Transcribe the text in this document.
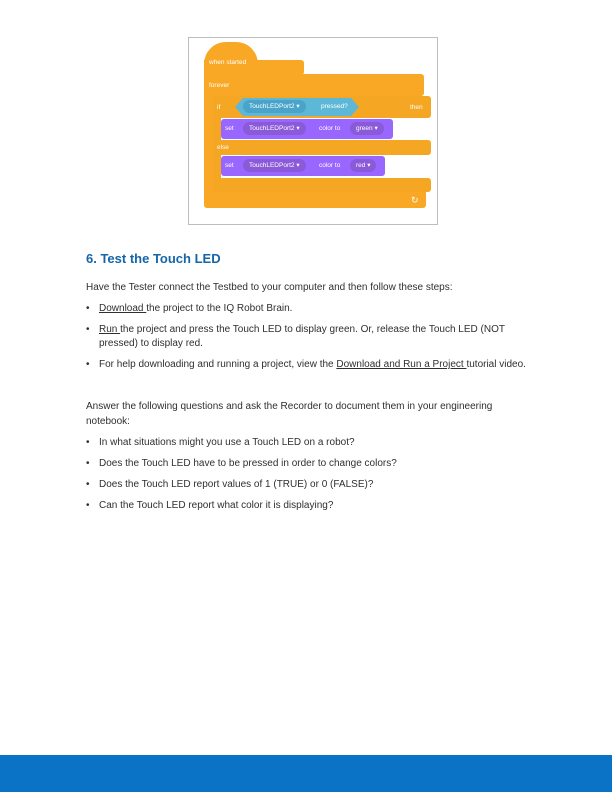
when started
forever
if	then
else
TouchLEDPort2 ▾	pressed?
set	TouchLEDPort2 ▾	color to	green ▾
set	TouchLEDPort2 ▾	color to	red ▾
↻
6. Test the Touch LED

Have the Tester connect the Testbed to your computer and then follow these steps:

• Download the project to the IQ Robot Brain.
• Run the project and press the Touch LED to display green. Or, release the Touch LED (NOT pressed) to display red.
• For help downloading and running a project, view the Download and Run a Project tutorial video.

Answer the following questions and ask the Recorder to document them in your engineering notebook:

• In what situations might you use a Touch LED on a robot?
• Does the Touch LED have to be pressed in order to change colors?
• Does the Touch LED report values of 1 (TRUE) or 0 (FALSE)?
• Can the Touch LED report what color it is displaying?
